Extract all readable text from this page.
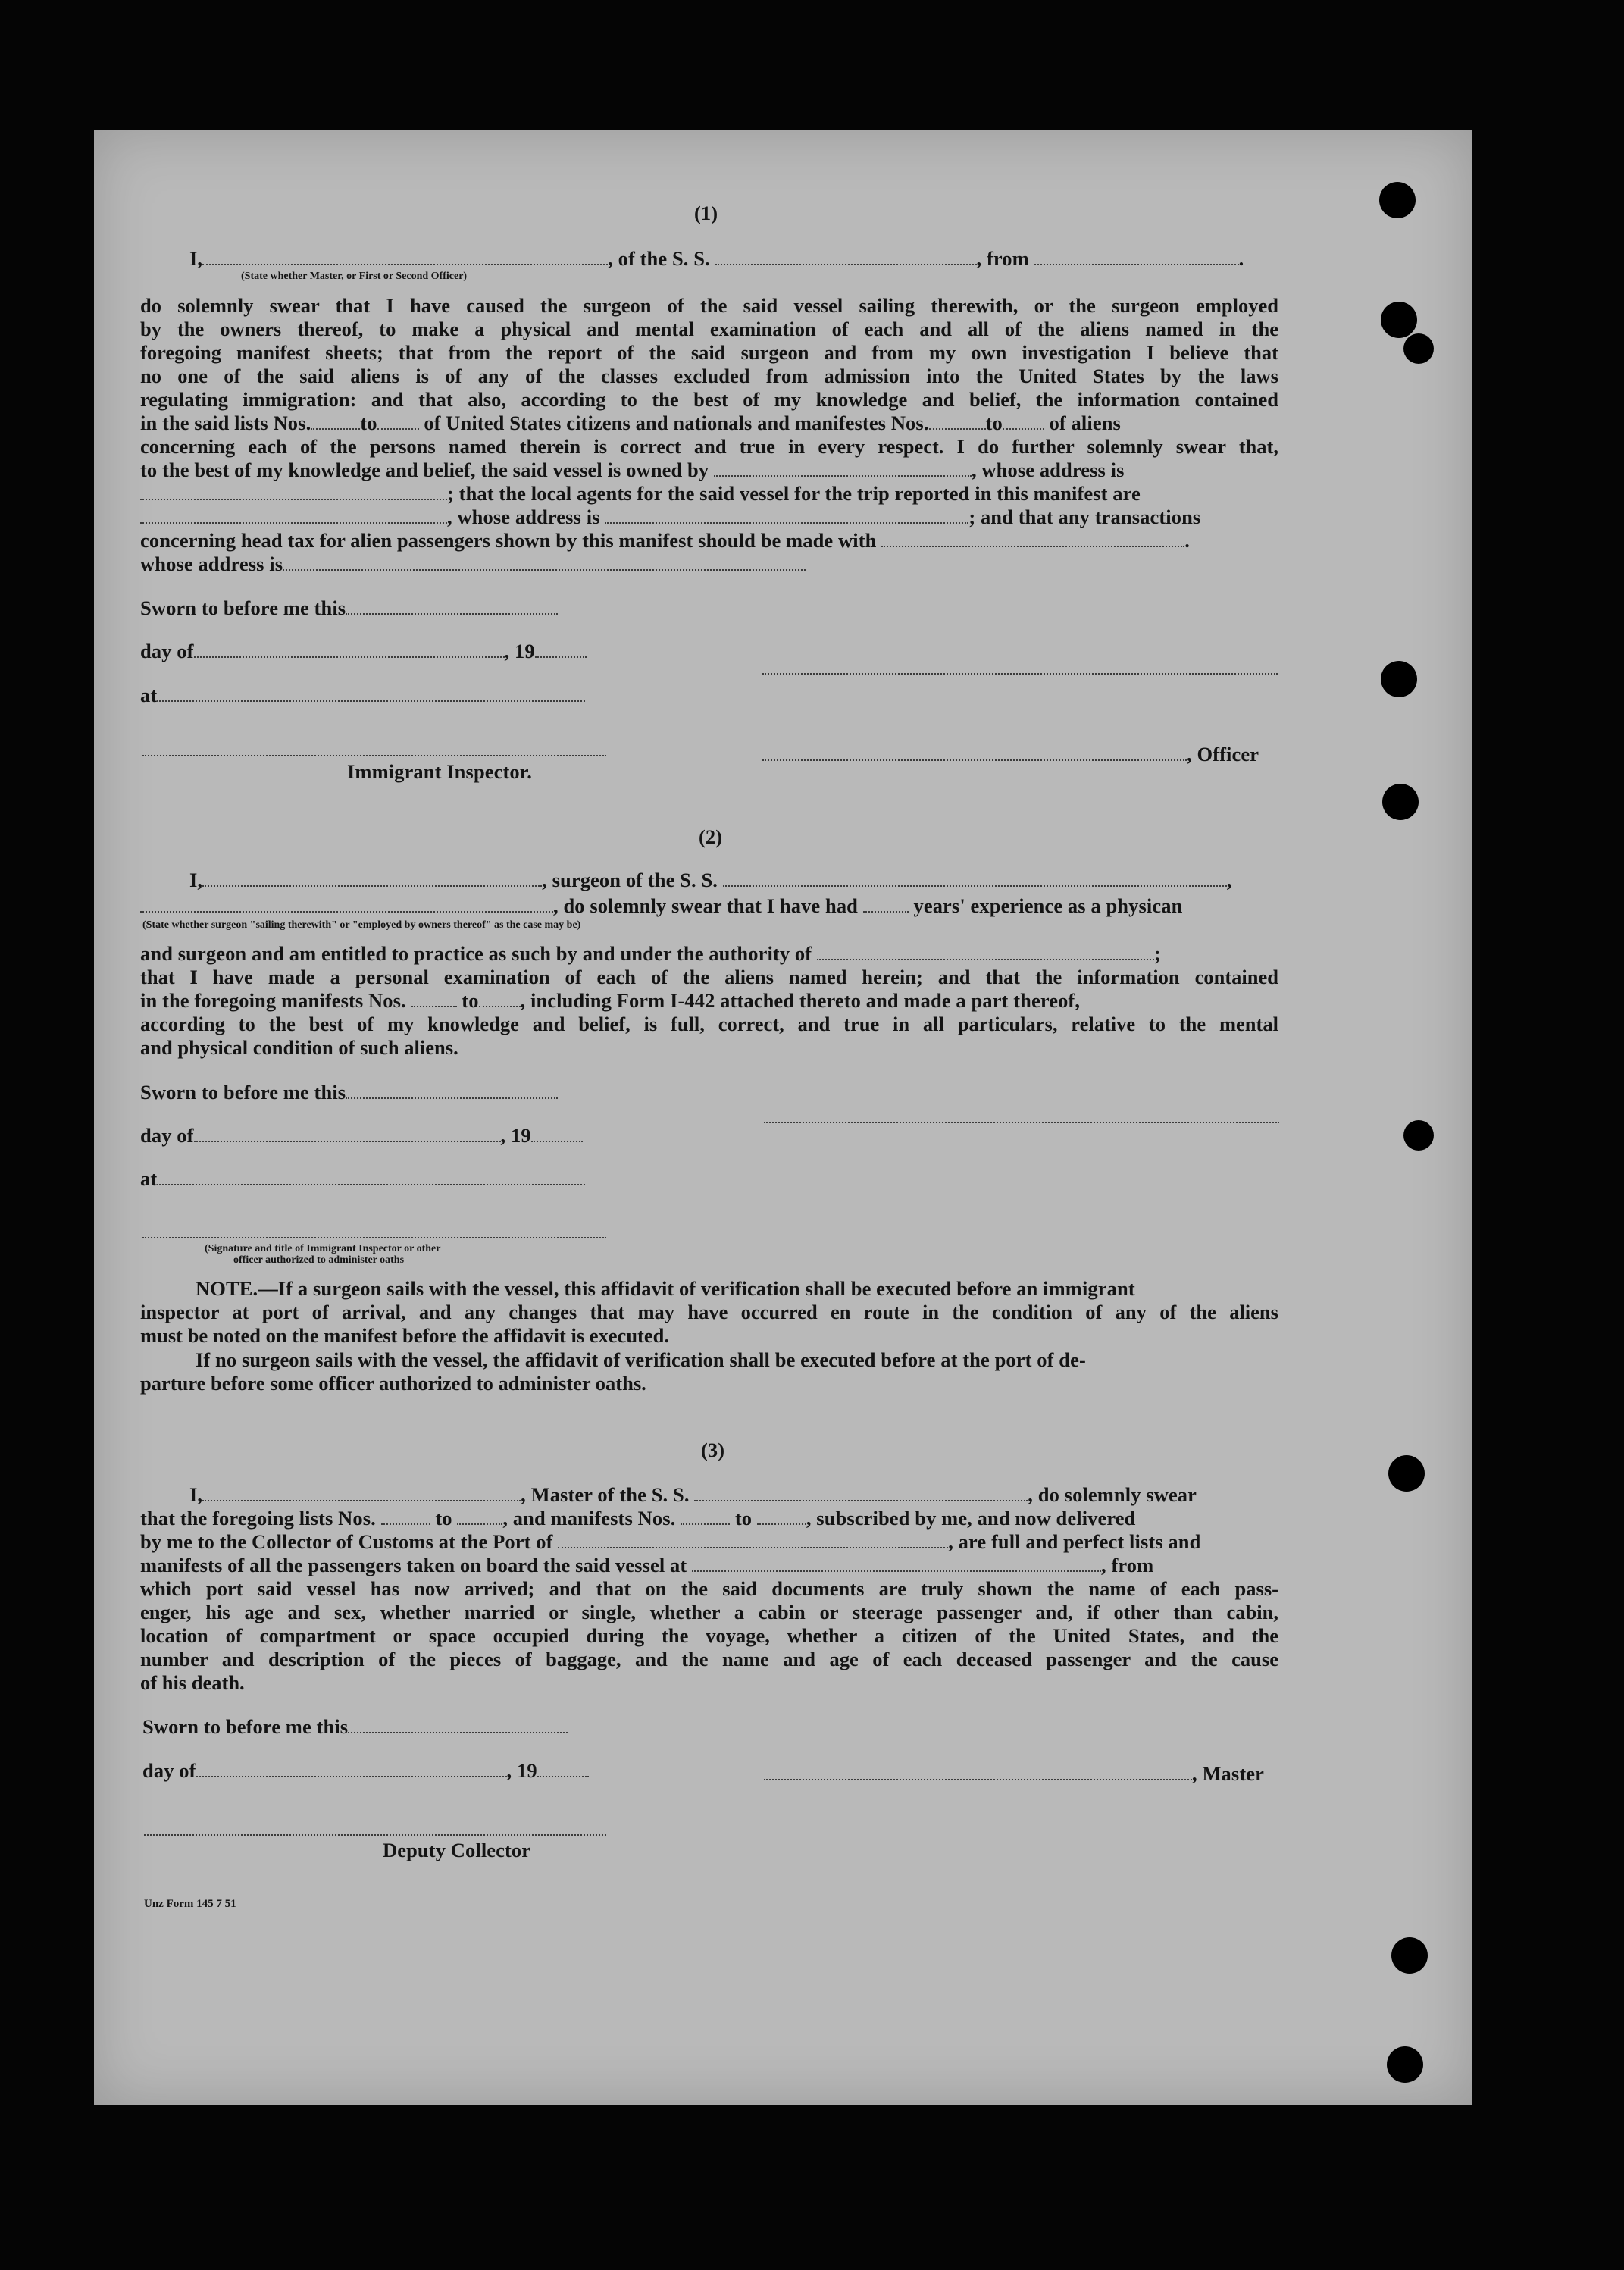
(1)
I,	, of the S. S.	, from	.
(State whether Master, or First or Second Officer)
do solemnly swear that I have caused the surgeon of the said vessel sailing therewith, or the surgeon employed
by the owners thereof, to make a physical and mental examination of each and all of the aliens named in the
foregoing manifest sheets; that from the report of the said surgeon and from my own investigation I believe that
no one of the said aliens is of any of the classes excluded from admission into the United States by the laws
regulating immigration: and that also, according to the best of my knowledge and belief, the information contained
in the said lists Nos. to of United States citizens and nationals and manifestes Nos.	to of aliens
concerning each of the persons named therein is correct and true in every respect. I do further solemnly swear that,
to the best of my knowledge and belief, the said vessel is owned by	, whose address is
; that the local agents for the said vessel for the trip reported in this manifest are
, whose address is	; and that any transactions
concerning head tax for alien passengers shown by this manifest should be made with	.
whose address is
Sworn to before me this
day of	, 19
at
, Officer
Immigrant Inspector.
(2)
I,	, surgeon of the S. S.	,
, do solemnly swear that I have had	years' experience as a physican
(State whether surgeon "sailing therewith" or "employed by owners thereof" as the case may be)
and surgeon and am entitled to practice as such by and under the authority of	;
that I have made a personal examination of each of the aliens named herein; and that the information contained
in the foregoing manifests Nos.	to , including Form I-442 attached thereto and made a part thereof,
according to the best of my knowledge and belief, is full, correct, and true in all particulars, relative to the mental
and physical condition of such aliens.
Sworn to before me this
day of	, 19
at
(Signature and title of Immigrant Inspector or other
officer authorized to administer oaths
NOTE.—If a surgeon sails with the vessel, this affidavit of verification shall be executed before an immigrant
inspector at port of arrival, and any changes that may have occurred en route in the condition of any of the aliens
must be noted on the manifest before the affidavit is executed.
If no surgeon sails with the vessel, the affidavit of verification shall be executed before at the port of de-
parture before some officer authorized to administer oaths.
(3)
I,	, Master of the S. S.	, do solemnly swear
that the foregoing lists Nos.	to	, and manifests Nos.	to	, subscribed by me, and now delivered
by me to the Collector of Customs at the Port of	, are full and perfect lists and
manifests of all the passengers taken on board the said vessel at	, from
which port said vessel has now arrived; and that on the said documents are truly shown the name of each pass-
enger, his age and sex, whether married or single, whether a cabin or steerage passenger and, if other than cabin,
location of compartment or space occupied during the voyage, whether a citizen of the United States, and the
number and description of the pieces of baggage, and the name and age of each deceased passenger and the cause
of his death.
Sworn to before me this
day of	, 19	, Master
Deputy Collector
Unz Form 145 7 51
